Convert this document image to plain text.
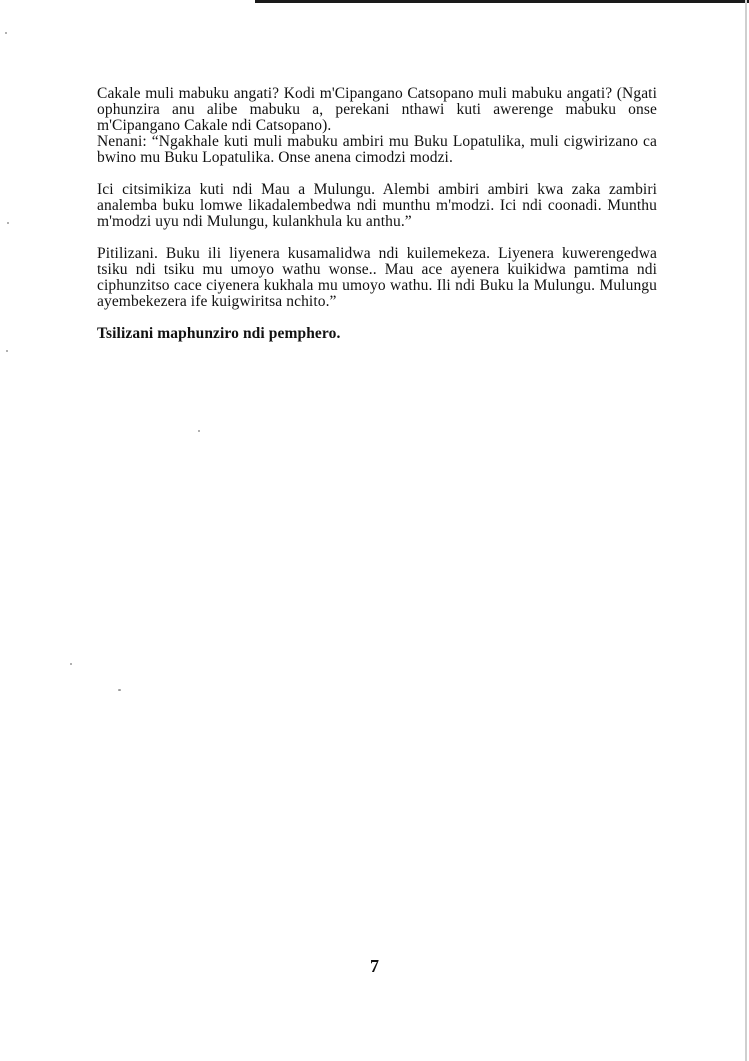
Cakale muli mabuku angati? Kodi m'Cipangano Catsopano muli mabuku angati? (Ngati ophunzira anu alibe mabuku a, perekani nthawi kuti awerenge mabuku onse m'Cipangano Cakale ndi Catsopano).

Nenani: “Ngakhale kuti muli mabuku ambiri mu Buku Lopatulika, muli cigwirizano ca bwino mu Buku Lopatulika. Onse anena cimodzi modzi.

Ici citsimikiza kuti ndi Mau a Mulungu. Alembi ambiri ambiri kwa zaka zambiri analemba buku lomwe likadalembedwa ndi munthu m'modzi. Ici ndi coonadi. Munthu m'modzi uyu ndi Mulungu, kulankhula ku anthu.”

Pitilizani. Buku ili liyenera kusamalidwa ndi kuilemekeza. Liyenera kuwerengedwa tsiku ndi tsiku mu umoyo wathu wonse.. Mau ace ayenera kuikidwa pamtima ndi ciphunzitso cace ciyenera kukhala mu umoyo wathu. Ili ndi Buku la Mulungu. Mulungu ayembekezera ife kuigwiritsa nchito.”

Tsilizani maphunziro ndi pemphero.

7
